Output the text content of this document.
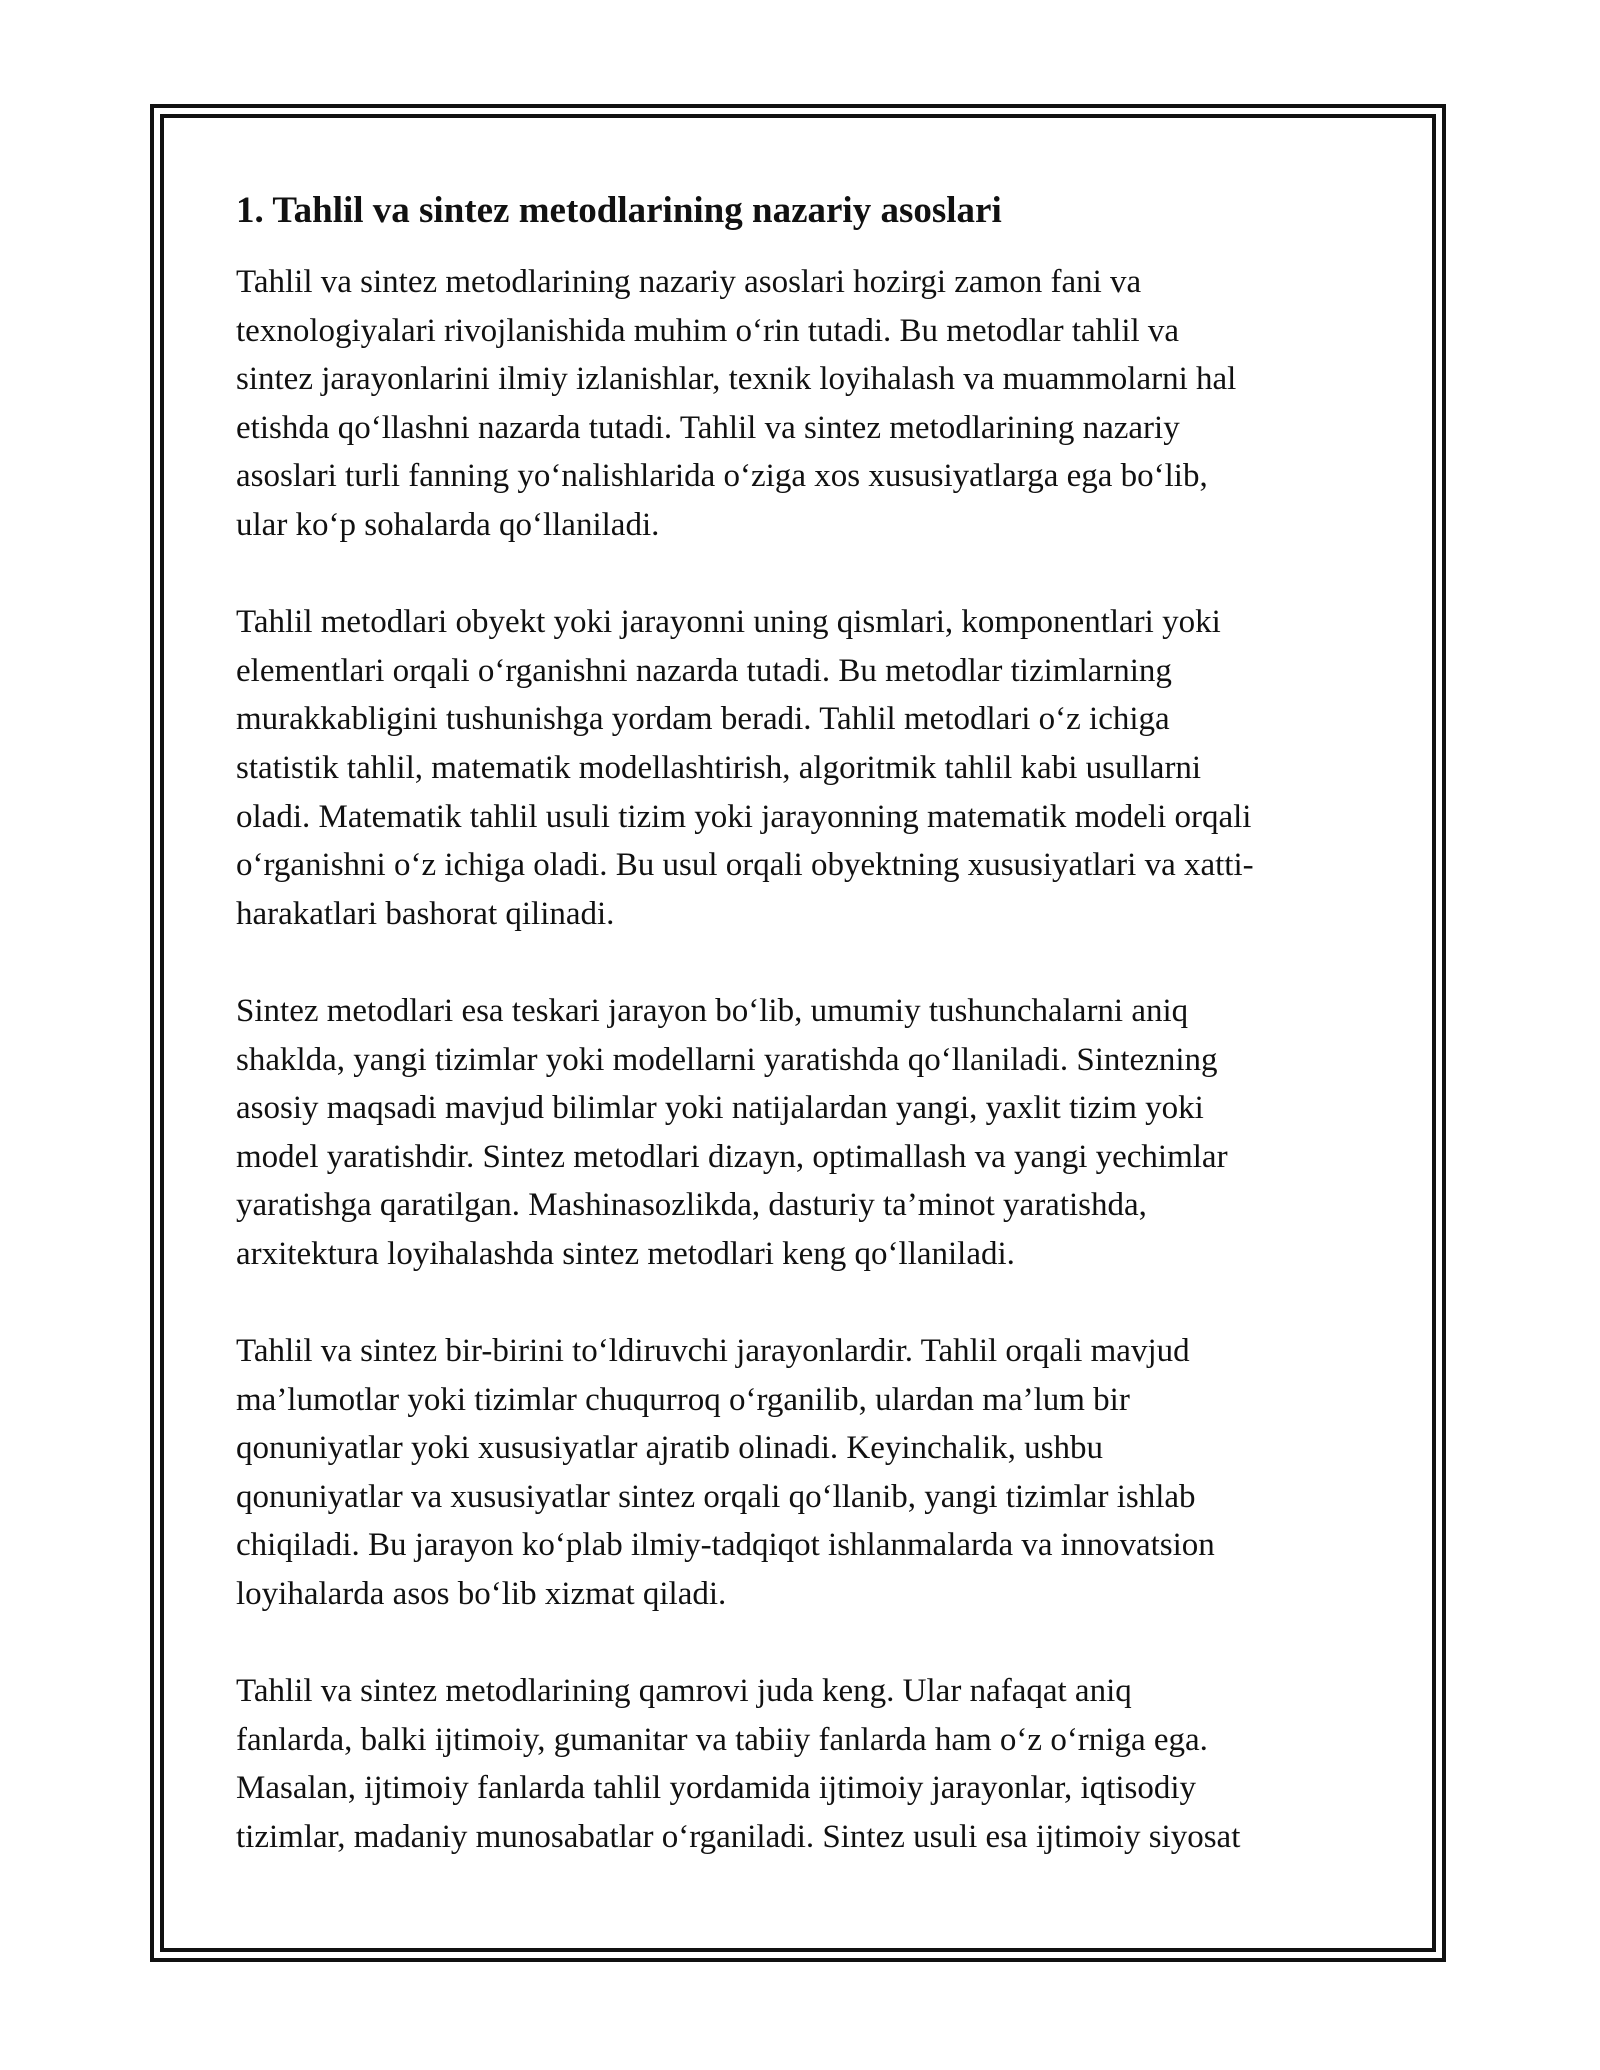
1. Tahlil va sintez metodlarining nazariy asoslari
Tahlil va sintez metodlarining nazariy asoslari hozirgi zamon fani va
texnologiyalari rivojlanishida muhim o‘rin tutadi. Bu metodlar tahlil va
sintez jarayonlarini ilmiy izlanishlar, texnik loyihalash va muammolarni hal
etishda qo‘llashni nazarda tutadi. Tahlil va sintez metodlarining nazariy
asoslari turli fanning yo‘nalishlarida o‘ziga xos xususiyatlarga ega bo‘lib,
ular ko‘p sohalarda qo‘llaniladi.
Tahlil metodlari obyekt yoki jarayonni uning qismlari, komponentlari yoki
elementlari orqali o‘rganishni nazarda tutadi. Bu metodlar tizimlarning
murakkabligini tushunishga yordam beradi. Tahlil metodlari o‘z ichiga
statistik tahlil, matematik modellashtirish, algoritmik tahlil kabi usullarni
oladi. Matematik tahlil usuli tizim yoki jarayonning matematik modeli orqali
o‘rganishni o‘z ichiga oladi. Bu usul orqali obyektning xususiyatlari va xatti-
harakatlari bashorat qilinadi.
Sintez metodlari esa teskari jarayon bo‘lib, umumiy tushunchalarni aniq
shaklda, yangi tizimlar yoki modellarni yaratishda qo‘llaniladi. Sintezning
asosiy maqsadi mavjud bilimlar yoki natijalardan yangi, yaxlit tizim yoki
model yaratishdir. Sintez metodlari dizayn, optimallash va yangi yechimlar
yaratishga qaratilgan. Mashinasozlikda, dasturiy ta’minot yaratishda,
arxitektura loyihalashda sintez metodlari keng qo‘llaniladi.
Tahlil va sintez bir-birini to‘ldiruvchi jarayonlardir. Tahlil orqali mavjud
ma’lumotlar yoki tizimlar chuqurroq o‘rganilib, ulardan ma’lum bir
qonuniyatlar yoki xususiyatlar ajratib olinadi. Keyinchalik, ushbu
qonuniyatlar va xususiyatlar sintez orqali qo‘llanib, yangi tizimlar ishlab
chiqiladi. Bu jarayon ko‘plab ilmiy-tadqiqot ishlanmalarda va innovatsion
loyihalarda asos bo‘lib xizmat qiladi.
Tahlil va sintez metodlarining qamrovi juda keng. Ular nafaqat aniq
fanlarda, balki ijtimoiy, gumanitar va tabiiy fanlarda ham o‘z o‘rniga ega.
Masalan, ijtimoiy fanlarda tahlil yordamida ijtimoiy jarayonlar, iqtisodiy
tizimlar, madaniy munosabatlar o‘rganiladi. Sintez usuli esa ijtimoiy siyosat
